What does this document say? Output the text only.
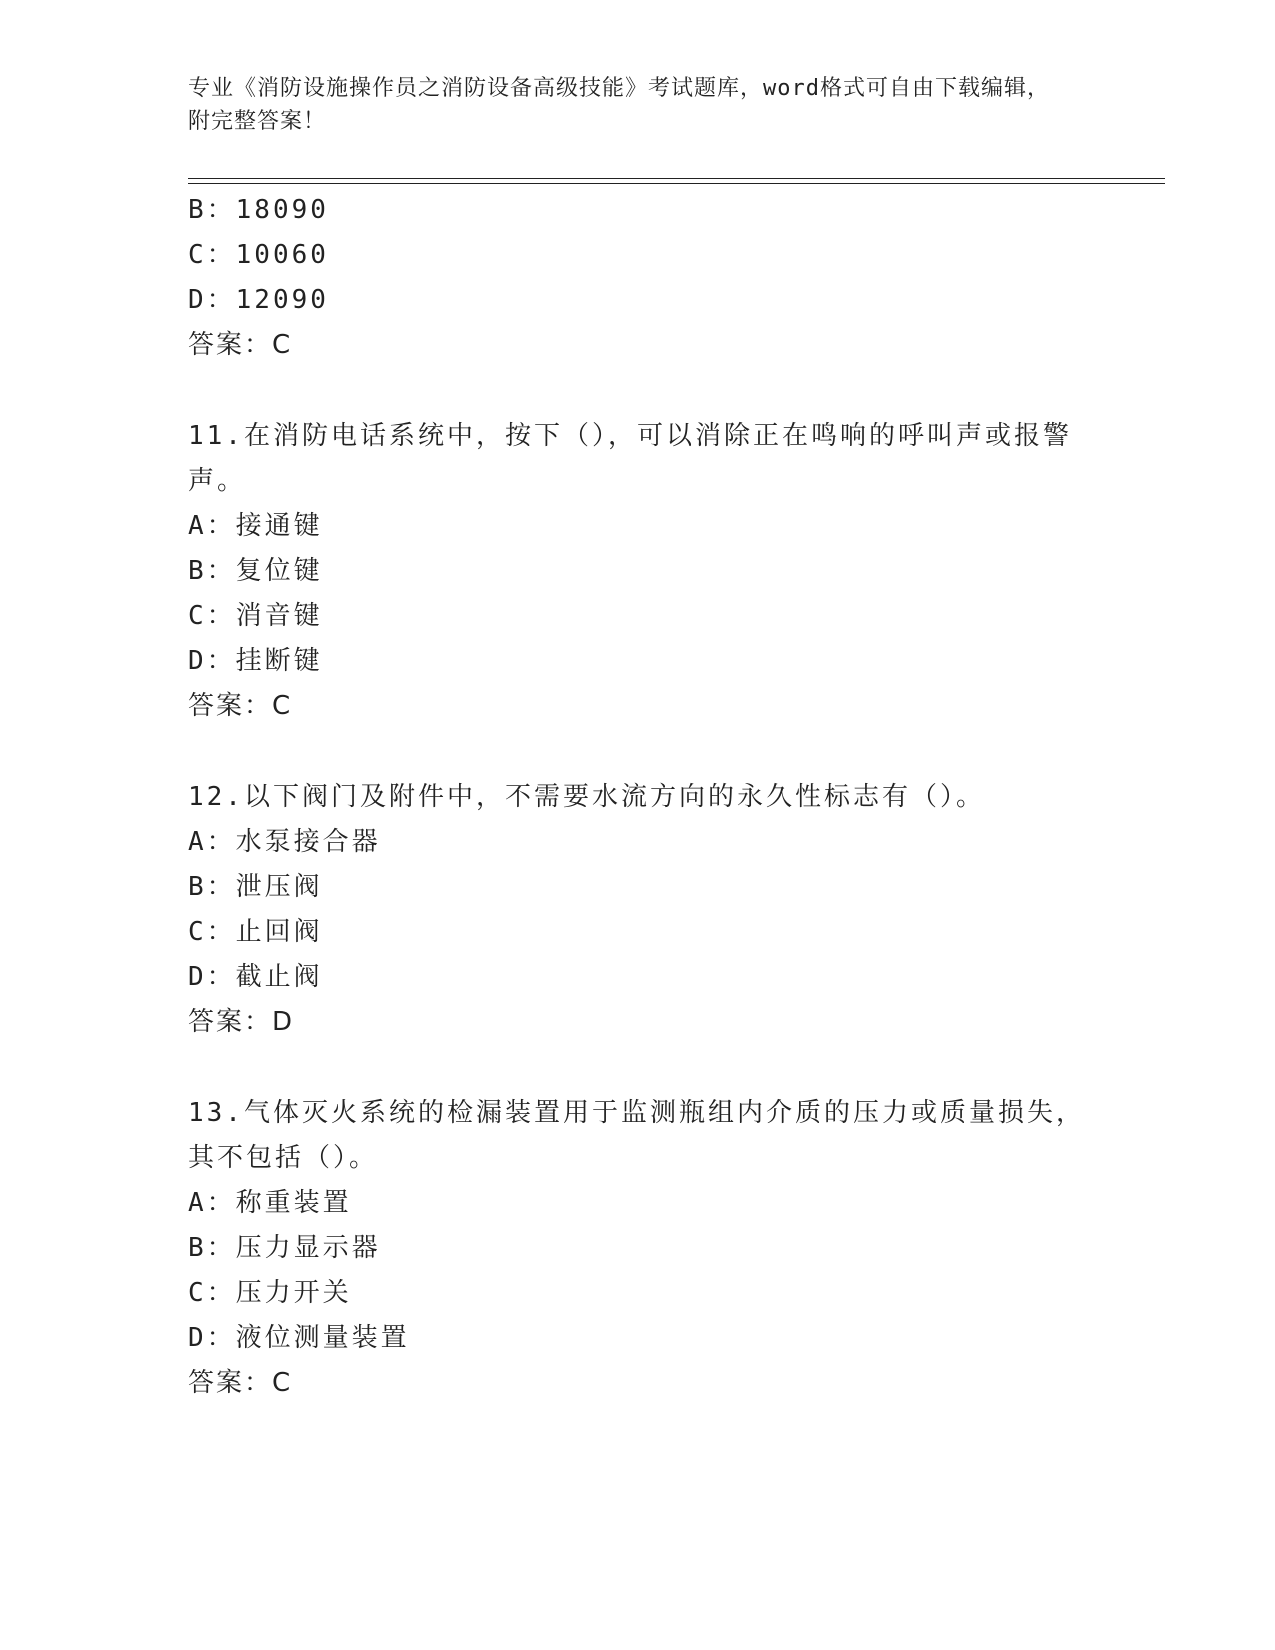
专业《消防设施操作员之消防设备高级技能》考试题库，word格式可自由下载编辑，附完整答案！
B：18090
C：10060
D：12090
答案：C
11.在消防电话系统中，按下（），可以消除正在鸣响的呼叫声或报警
声。
A：接通键
B：复位键
C：消音键
D：挂断键
答案：C
12.以下阀门及附件中，不需要水流方向的永久性标志有（）。
A：水泵接合器
B：泄压阀
C：止回阀
D：截止阀
答案：D
13.气体灭火系统的检漏装置用于监测瓶组内介质的压力或质量损失，
其不包括（）。
A：称重装置
B：压力显示器
C：压力开关
D：液位测量装置
答案：C
